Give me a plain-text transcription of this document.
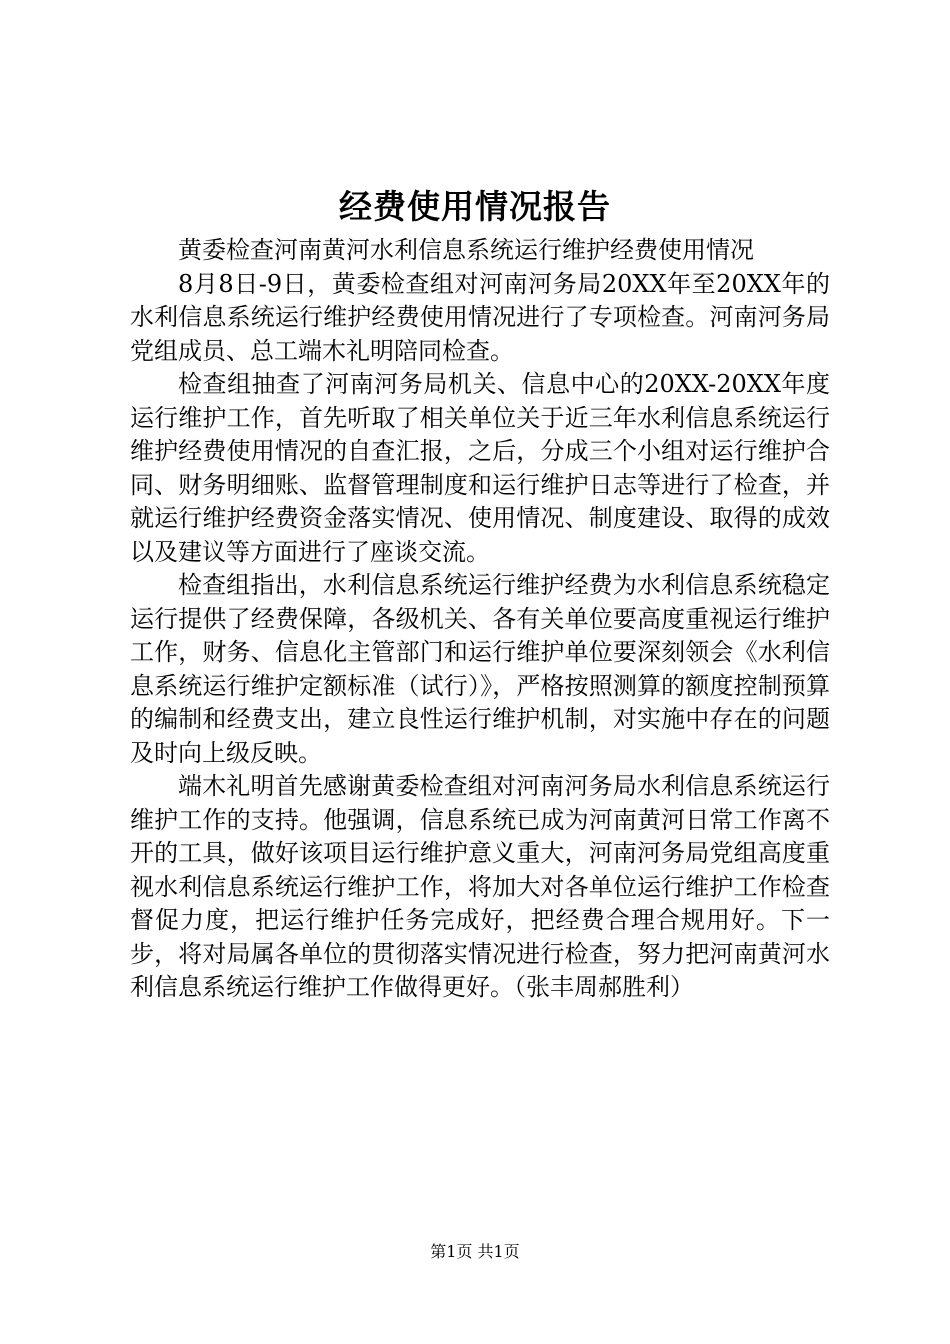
经费使用情况报告

黄委检查河南黄河水利信息系统运行维护经费使用情况

8月8日-9日，黄委检查组对河南河务局20XX年至20XX年的水利信息系统运行维护经费使用情况进行了专项检查。河南河务局党组成员、总工端木礼明陪同检查。

检查组抽查了河南河务局机关、信息中心的20XX-20XX年度运行维护工作，首先听取了相关单位关于近三年水利信息系统运行维护经费使用情况的自查汇报，之后，分成三个小组对运行维护合同、财务明细账、监督管理制度和运行维护日志等进行了检查，并就运行维护经费资金落实情况、使用情况、制度建设、取得的成效以及建议等方面进行了座谈交流。

检查组指出，水利信息系统运行维护经费为水利信息系统稳定运行提供了经费保障，各级机关、各有关单位要高度重视运行维护工作，财务、信息化主管部门和运行维护单位要深刻领会《水利信息系统运行维护定额标准（试行）》，严格按照测算的额度控制预算的编制和经费支出，建立良性运行维护机制，对实施中存在的问题及时向上级反映。

端木礼明首先感谢黄委检查组对河南河务局水利信息系统运行维护工作的支持。他强调，信息系统已成为河南黄河日常工作离不开的工具，做好该项目运行维护意义重大，河南河务局党组高度重视水利信息系统运行维护工作，将加大对各单位运行维护工作检查督促力度，把运行维护任务完成好，把经费合理合规用好。下一步，将对局属各单位的贯彻落实情况进行检查，努力把河南黄河水利信息系统运行维护工作做得更好。（张丰周郝胜利）

第1页 共1页
